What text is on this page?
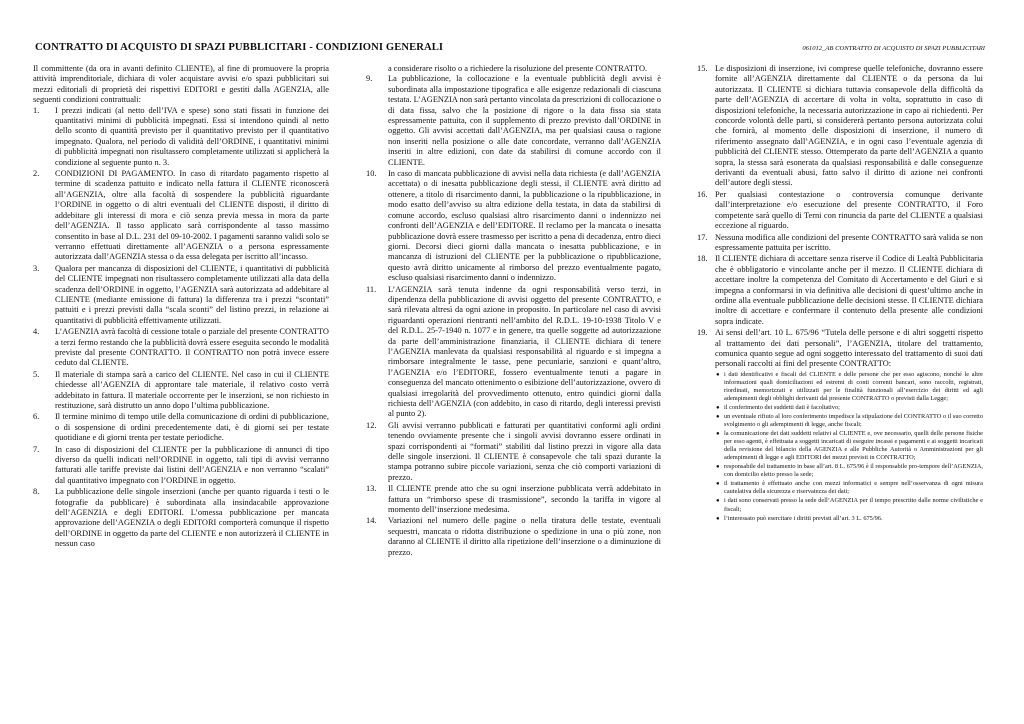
CONTRATTO DI ACQUISTO DI SPAZI PUBBLICITARI - CONDIZIONI GENERALI	061012_AB CONTRATTO DI ACQUISTO DI SPAZI PUBBLICITARI

Il committente (da ora in avanti definito CLIENTE), al fine di promuovere la propria attività imprenditoriale, dichiara di voler acquistare avvisi e/o spazi pubblicitari sui mezzi editoriali di proprietà dei rispettivi EDITORI e gestiti dalla AGENZIA, alle seguenti condizioni contrattuali:

1. I prezzi indicati (al netto dell’IVA e spese) sono stati fissati in funzione dei quantitativi minimi di pubblicità impegnati. Essi si intendono quindi al netto dello sconto di quantità previsto per il quantitativo previsto per il quantitativo impegnato. Qualora, nel periodo di validità dell’ORDINE, i quantitativi minimi di pubblicità impegnati non risultassero completamente utilizzati si applicherà la condizione al seguente punto n. 3.
2. CONDIZIONI DI PAGAMENTO. In caso di ritardato pagamento rispetto al termine di scadenza pattuito e indicato nella fattura il CLIENTE riconoscerà all’AGENZIA, oltre alla facoltà di sospendere la pubblicità riguardante l’ORDINE in oggetto o di altri eventuali del CLIENTE disposti, il diritto di addebitare gli interessi di mora e ciò senza previa messa in mora da parte dell’AGENZIA. Il tasso applicato sarà corrispondente al tasso massimo consentito in base al D.L. 231 del 09-10-2002. I pagamenti saranno validi solo se verranno effettuati direttamente all’AGENZIA o a persona espressamente autorizzata dall’AGENZIA stessa o da essa delegata per iscritto all’incasso.
3. Qualora per mancanza di disposizioni del CLIENTE, i quantitativi di pubblicità del CLIENTE impegnati non risultassero completamente utilizzati alla data della scadenza dell’ORDINE in oggetto, l’AGENZIA sarà autorizzata ad addebitare al CLIENTE (mediante emissione di fattura) la differenza tra i prezzi “scontati” pattuiti e i prezzi previsti dalla “scala sconti” del listino prezzi, in relazione ai quantitativi di pubblicità effettivamente utilizzati.
4. L’AGENZIA avrà facoltà di cessione totale o parziale del presente CONTRATTO a terzi fermo restando che la pubblicità dovrà essere eseguita secondo le modalità previste dal presente CONTRATTO. Il CONTRATTO non potrà invece essere ceduto dal CLIENTE.
5. Il materiale di stampa sarà a carico del CLIENTE. Nel caso in cui il CLIENTE chiedesse all’AGENZIA di approntare tale materiale, il relativo costo verrà addebitato in fattura. Il materiale occorrente per le inserzioni, se non richiesto in restituzione, sarà distrutto un anno dopo l’ultima pubblicazione.
6. Il termine minimo di tempo utile della comunicazione di ordini di pubblicazione, o di sospensione di ordini precedentemente dati, è di giorni sei per testate quotidiane e di giorni trenta per testate periodiche.
7. In caso di disposizioni del CLIENTE per la pubblicazione di annunci di tipo diverso da quelli indicati nell’ORDINE in oggetto, tali tipi di avvisi verranno fatturati alle tariffe previste dai listini dell’AGENZIA e non verranno “scalati” dal quantitativo impegnato con l’ORDINE in oggetto.
8. La pubblicazione delle singole inserzioni (anche per quanto riguarda i testi o le fotografie da pubblicare) è subordinata alla insindacabile approvazione dell’AGENZIA e degli EDITORI. L’omessa pubblicazione per mancata approvazione dell’AGENZIA o degli EDITORI comporterà comunque il rispetto dell’ORDINE in oggetto da parte del CLIENTE e non autorizzerà il CLIENTE in nessun caso

a considerare risolto o a richiedere la risoluzione del presente CONTRATTO.

9. La pubblicazione, la collocazione e la eventuale pubblicità degli avvisi è subordinata alla impostazione tipografica e alle esigenze redazionali di ciascuna testata. L’AGENZIA non sarà pertanto vincolata da prescrizioni di collocazione o di data fissa, salvo che la posizione di rigore o la data fissa sia stata espressamente pattuita, con il supplemento di prezzo previsto dall’ORDINE in oggetto. Gli avvisi accettati dall’AGENZIA, ma per qualsiasi causa o ragione non inseriti nella posizione o alle date concordate, verranno dall’AGENZIA inseriti in altre edizioni, con date da stabilirsi di comune accordo con il CLIENTE.
10. In caso di mancata pubblicazione di avvisi nella data richiesta (e dall’AGENZIA accettata) o di inesatta pubblicazione degli stessi, il CLIENTE avrà diritto ad ottenere, a titolo di risarcimento danni, la pubblicazione o la ripubblicazione, in modo esatto dell’avviso su altra edizione della testata, in data da stabilirsi di comune accordo, escluso qualsiasi altro risarcimento danni o indennizzo nei confronti dell’AGENZIA e dell’EDITORE. Il reclamo per la mancata o inesatta pubblicazione dovrà essere trasmesso per iscritto a pena di decadenza, entro dieci giorni. Decorsi dieci giorni dalla mancata o inesatta pubblicazione, e in mancanza di istruzioni del CLIENTE per la pubblicazione o ripubblicazione, questo avrà diritto unicamente al rimborso del prezzo eventualmente pagato, escluso qualsiasi risarcimento danni o indennizzo.
11. L’AGENZIA sarà tenuta indenne da ogni responsabilità verso terzi, in dipendenza della pubblicazione di avvisi oggetto del presente CONTRATTO, e sarà rilevata altresì da ogni azione in proposito. In particolare nel caso di avvisi riguardanti operazioni rientranti nell’ambito del R.D.L. 19-10-1938 Titolo V e del R.D.L. 25-7-1940 n. 1077 e in genere, tra quelle soggette ad autorizzazione da parte dell’amministrazione finanziaria, il CLIENTE dichiara di tenere l’AGENZIA manlevata da qualsiasi responsabilità al riguardo e si impegna a rimborsare integralmente le tasse, pene pecuniarie, sanzioni e quant’altro, l’AGENZIA e/o l’EDITORE, fossero eventualmente tenuti a pagare in conseguenza del mancato ottenimento o esibizione dell’autorizzazione, ovvero di qualsiasi irregolarità del provvedimento ottenuto, entro quindici giorni dalla richiesta dell’AGENZIA (con addebito, in caso di ritardo, degli interessi previsti al punto 2).
12. Gli avvisi verranno pubblicati e fatturati per quantitativi conformi agli ordini tenendo ovviamente presente che i singoli avvisi dovranno essere ordinati in spazi corrispondenti ai “formati” stabiliti dal listino prezzi in vigore alla data delle singole inserzioni. Il CLIENTE è consapevole che tali spazi durante la stampa potranno subire piccole variazioni, senza che ciò comporti variazioni di prezzo.
13. Il CLIENTE prende atto che su ogni inserzione pubblicata verrà addebitato in fattura un “rimborso spese di trasmissione”, secondo la tariffa in vigore al momento dell’inserzione medesima.
14. Variazioni nel numero delle pagine o nella tiratura delle testate, eventuali sequestri, mancata o ridotta distribuzione o spedizione in una o più zone, non daranno al CLIENTE il diritto alla ripetizione dell’inserzione o a diminuzione di prezzo.
15. Le disposizioni di inserzione, ivi comprese quelle telefoniche, dovranno essere fornite all’AGENZIA direttamente dal CLIENTE o da persona da lui autorizzata. Il CLIENTE si dichiara tuttavia consapevole della difficoltà da parte dell’AGENZIA di accertare di volta in volta, soprattutto in caso di disposizioni telefoniche, la necessaria autorizzazione in capo ai richiedenti. Per concorde volontà delle parti, si considererà pertanto persona autorizzata colui che fornirà, al momento delle disposizioni di inserzione, il numero di riferimento assegnato dall’AGENZIA, e in ogni caso l’eventuale agenzia di pubblicità del CLIENTE stesso. Ottemperato da parte dell’AGENZIA a quanto sopra, la stessa sarà esonerata da qualsiasi responsabilità e dalle conseguenze derivanti da eventuali abusi, fatto salvo il diritto di azione nei confronti dell’autore degli stessi.
16. Per qualsiasi contestazione o controversia comunque derivante dall’interpretazione e/o esecuzione del presente CONTRATTO, il Foro competente sarà quello di Terni con rinuncia da parte del CLIENTE a qualsiasi eccezione al riguardo.
17. Nessuna modifica alle condizioni del presente CONTRATTO sarà valida se non espressamente pattuita per iscritto.
18. Il CLIENTE dichiara di accettare senza riserve il Codice di Lealtà Pubblicitaria che è obbligatorio e vincolante anche per il mezzo. Il CLIENTE dichiara di accettare inoltre la competenza del Comitato di Accertamento e del Giurì e si impegna a conformarsi in via definitiva alle decisioni di quest’ultimo anche in ordine alla eventuale pubblicazione delle decisioni stesse. Il CLIENTE dichiara inoltre di accettare e confermare il contenuto della presente alle condizioni sopra indicate.
19. Ai sensi dell’art. 10 L. 675/96 “Tutela delle persone e di altri soggetti rispetto al trattamento dei dati personali”, l’AGENZIA, titolare del trattamento, comunica quanto segue ad ogni soggetto interessato del trattamento di suoi dati personali raccolti ai fini del presente CONTRATTO:
● i dati identificativi e fiscali del CLIENTE e delle persone che per esso agiscono, nonché le altre informazioni quali domiciliazioni ed estremi di conti correnti bancari, sono raccolti, registrati, riordinati, memorizzati e utilizzati per le finalità funzionali all’esercizio dei diritti ed agli adempimenti degli obblighi derivanti dal presente CONTRATTO o previsti dalla Legge;
● il conferimento dei suddetti dati è facoltativo;
● un eventuale rifiuto al loro conferimento impedisce la stipulazione del CONTRATTO o il suo corretto svolgimento o gli adempimenti di legge, anche fiscali;
● la comunicazione dei dati suddetti relativi al CLIENTE e, ove necessario, quelli delle persone fisiche per esso agenti, è effettuata a soggetti incaricati di eseguire incassi e pagamenti e ai soggetti incaricati della revisione del bilancio della AGENZIA e alle Pubbliche Autorità o Amministrazioni per gli adempimenti di legge e agli EDITORI dei mezzi previsti in CONTRATTO;
● responsabile del trattamento in base all’art. 8 L. 675/96 è il responsabile pro-tempore dell’AGENZIA, con domicilio eletto presso la sede;
● il trattamento è effettuato anche con mezzi informatici e sempre nell’osservanza di ogni misura cautelativa della sicurezza e riservatezza dei dati;
● i dati sono conservati presso la sede dell’AGENZIA per il tempo prescritto dalle norme civilistiche e fiscali;
● l’interessato può esercitare i diritti previsti all’art. 3 L. 675/96.
